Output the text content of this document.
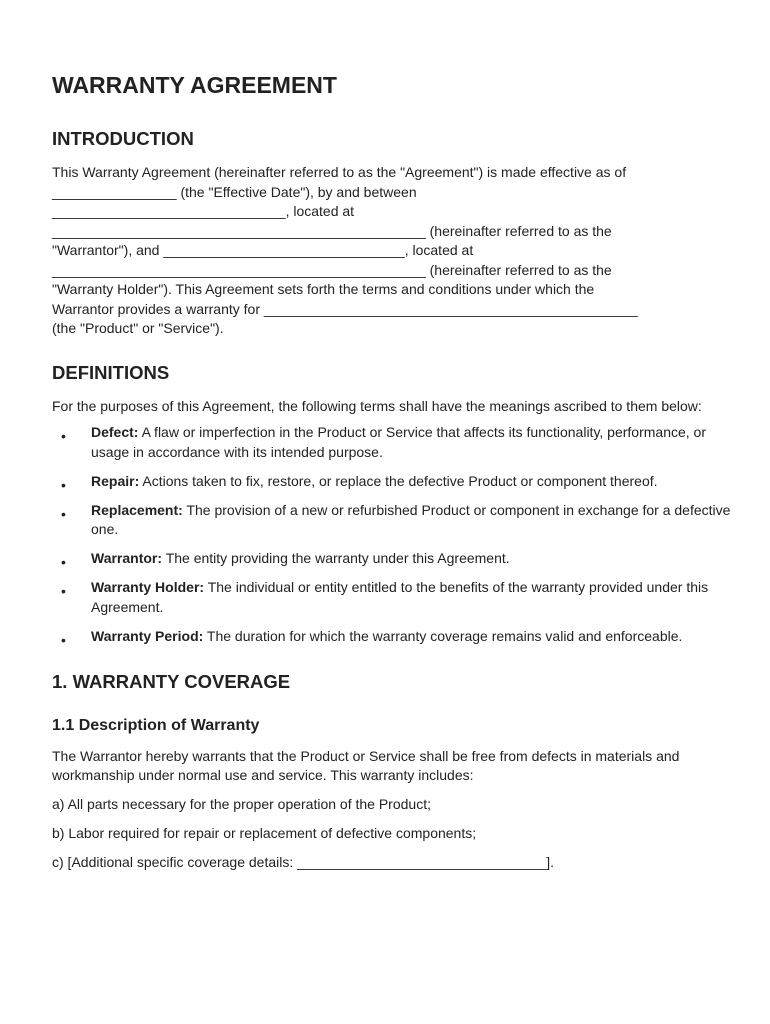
WARRANTY AGREEMENT
INTRODUCTION

This Warranty Agreement (hereinafter referred to as the "Agreement") is made effective as of
________________ (the "Effective Date"), by and between
______________________________, located at
________________________________________________ (hereinafter referred to as the
"Warrantor"), and _______________________________, located at
________________________________________________ (hereinafter referred to as the
"Warranty Holder"). This Agreement sets forth the terms and conditions under which the
Warrantor provides a warranty for ________________________________________________
(the "Product" or "Service").

DEFINITIONS

For the purposes of this Agreement, the following terms shall have the meanings ascribed to them below:

• Defect: A flaw or imperfection in the Product or Service that affects its functionality, performance, or usage in accordance with its intended purpose.
• Repair: Actions taken to fix, restore, or replace the defective Product or component thereof.
• Replacement: The provision of a new or refurbished Product or component in exchange for a defective one.
• Warrantor: The entity providing the warranty under this Agreement.
• Warranty Holder: The individual or entity entitled to the benefits of the warranty provided under this Agreement.
• Warranty Period: The duration for which the warranty coverage remains valid and enforceable.
1. WARRANTY COVERAGE
1.1 Description of Warranty

The Warrantor hereby warrants that the Product or Service shall be free from defects in materials and workmanship under normal use and service. This warranty includes:

a) All parts necessary for the proper operation of the Product;

b) Labor required for repair or replacement of defective components;

c) [Additional specific coverage details: ________________________________].
